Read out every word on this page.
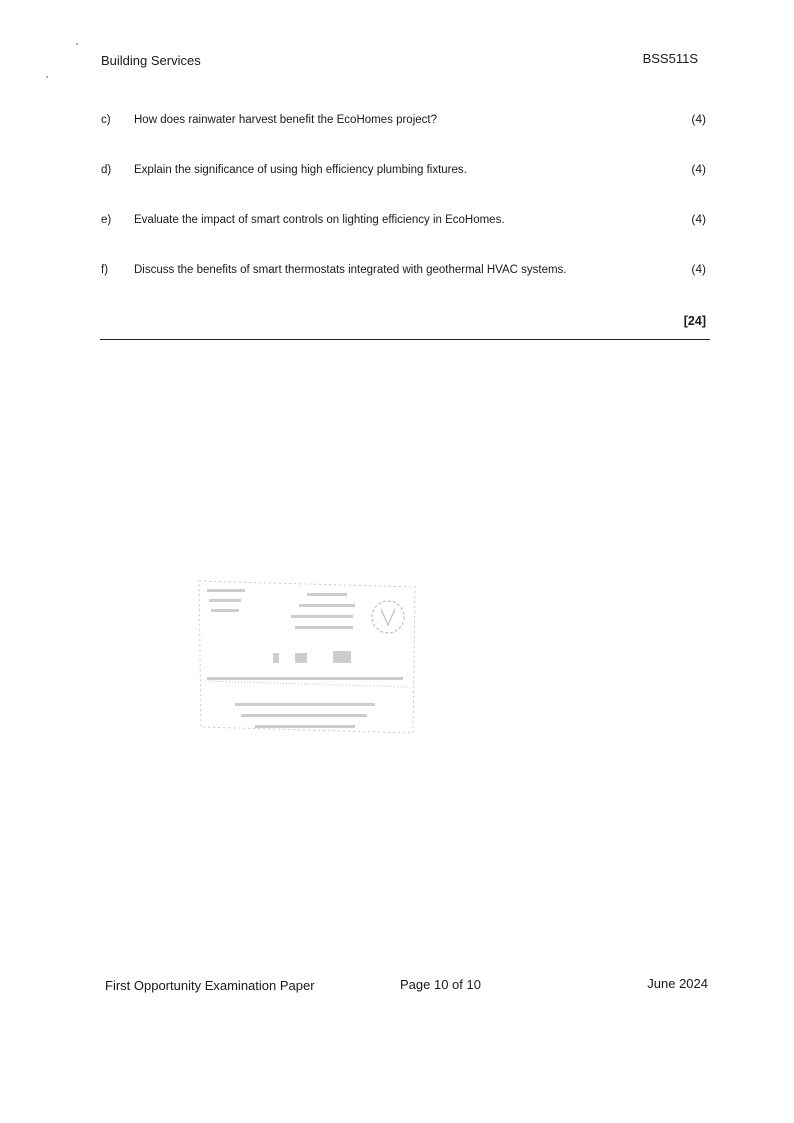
Building Services	BSS511S
c) How does rainwater harvest benefit the EcoHomes project?	(4)
d) Explain the significance of using high efficiency plumbing fixtures.	(4)
e) Evaluate the impact of smart controls on lighting efficiency in EcoHomes.	(4)
f) Discuss the benefits of smart thermostats integrated with geothermal HVAC systems.	(4)
[24]
First Opportunity Examination Paper	Page 10 of 10	June 2024
